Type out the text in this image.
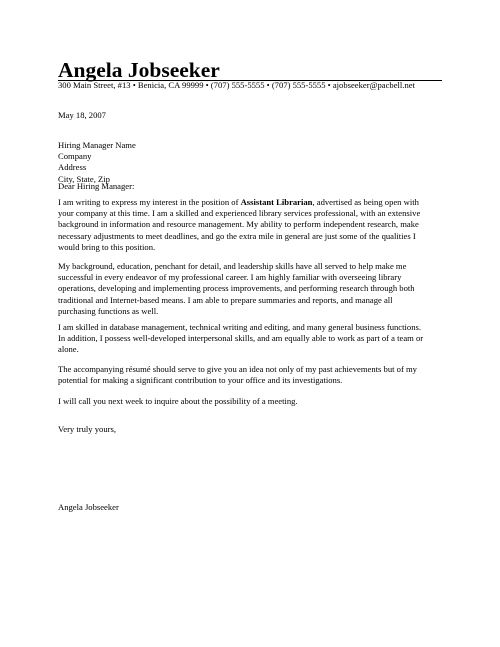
Angela Jobseeker
300 Main Street, #13 • Benicia, CA 99999 • (707) 555-5555 • (707) 555-5555 • ajobseeker@pacbell.net
May 18, 2007
Hiring Manager Name
Company
Address
City, State, Zip
Dear Hiring Manager:
I am writing to express my interest in the position of Assistant Librarian, advertised as being open with
your company at this time. I am a skilled and experienced library services professional, with an extensive
background in information and resource management. My ability to perform independent research, make
necessary adjustments to meet deadlines, and go the extra mile in general are just some of the qualities I
would bring to this position.
My background, education, penchant for detail, and leadership skills have all served to help make me
successful in every endeavor of my professional career. I am highly familiar with overseeing library
operations, developing and implementing process improvements, and performing research through both
traditional and Internet-based means. I am able to prepare summaries and reports, and manage all
purchasing functions as well.
I am skilled in database management, technical writing and editing, and many general business functions.
In addition, I possess well-developed interpersonal skills, and am equally able to work as part of a team or
alone.
The accompanying résumé should serve to give you an idea not only of my past achievements but of my
potential for making a significant contribution to your office and its investigations.
I will call you next week to inquire about the possibility of a meeting.
Very truly yours,
Angela Jobseeker
